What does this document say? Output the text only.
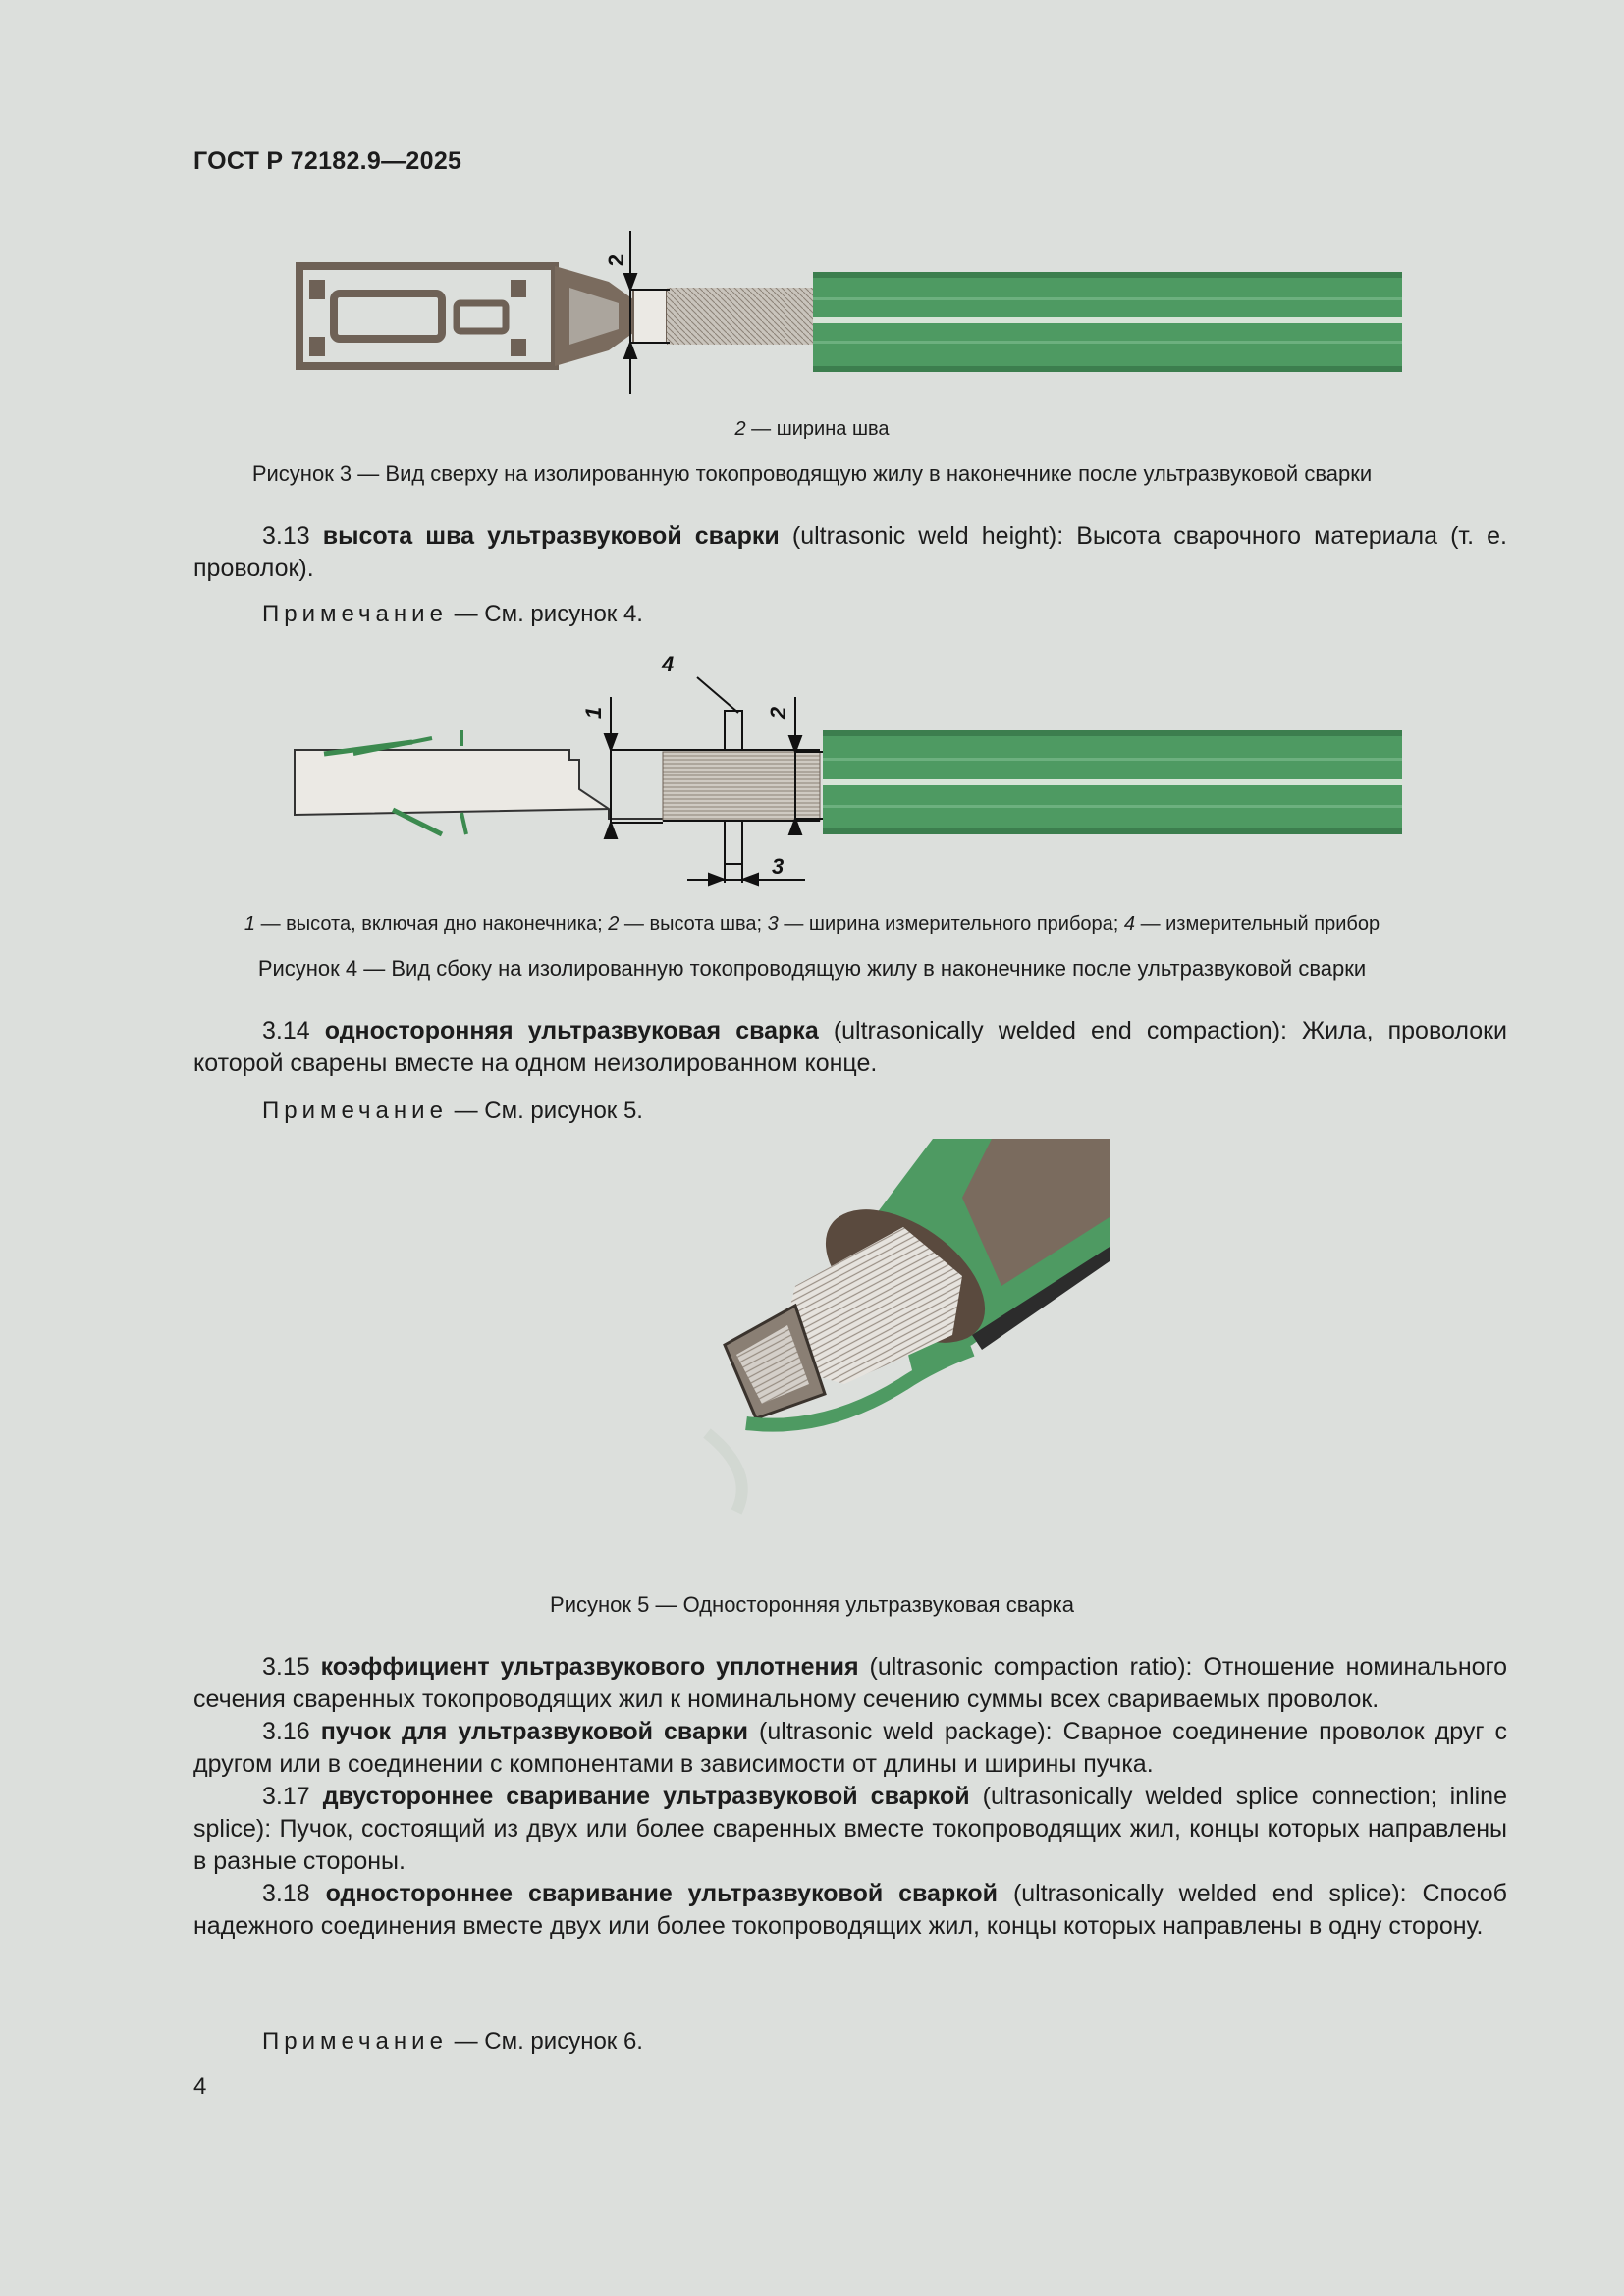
ГОСТ Р 72182.9—2025
2
2 — ширина шва
Рисунок 3 — Вид сверху на изолированную токопроводящую жилу в наконечнике после ультразвуковой сварки

3.13 высота шва ультразвуковой сварки (ultrasonic weld height): Высота сварочного материала (т. е. проволок).

Примечание — См. рисунок 4.
1	2
3
4
1 — высота, включая дно наконечника; 2 — высота шва; 3 — ширина измерительного прибора; 4 — измерительный прибор
Рисунок 4 — Вид сбоку на изолированную токопроводящую жилу в наконечнике после ультразвуковой сварки

3.14 односторонняя ультразвуковая сварка (ultrasonically welded end compaction): Жила, проволоки которой сварены вместе на одном неизолированном конце.

Примечание — См. рисунок 5.
Рисунок 5 — Односторонняя ультразвуковая сварка

3.15 коэффициент ультразвукового уплотнения (ultrasonic compaction ratio): Отношение номинального сечения сваренных токопроводящих жил к номинальному сечению суммы всех свариваемых проволок.

3.16 пучок для ультразвуковой сварки (ultrasonic weld package): Сварное соединение проволок друг с другом или в соединении с компонентами в зависимости от длины и ширины пучка.

3.17 двустороннее сваривание ультразвуковой сваркой (ultrasonically welded splice connection; inline splice): Пучок, состоящий из двух или более сваренных вместе токопроводящих жил, концы которых направлены в разные стороны.

3.18 одностороннее сваривание ультразвуковой сваркой (ultrasonically welded end splice): Способ надежного соединения вместе двух или более токопроводящих жил, концы которых направлены в одну сторону.

Примечание — См. рисунок 6.
4
